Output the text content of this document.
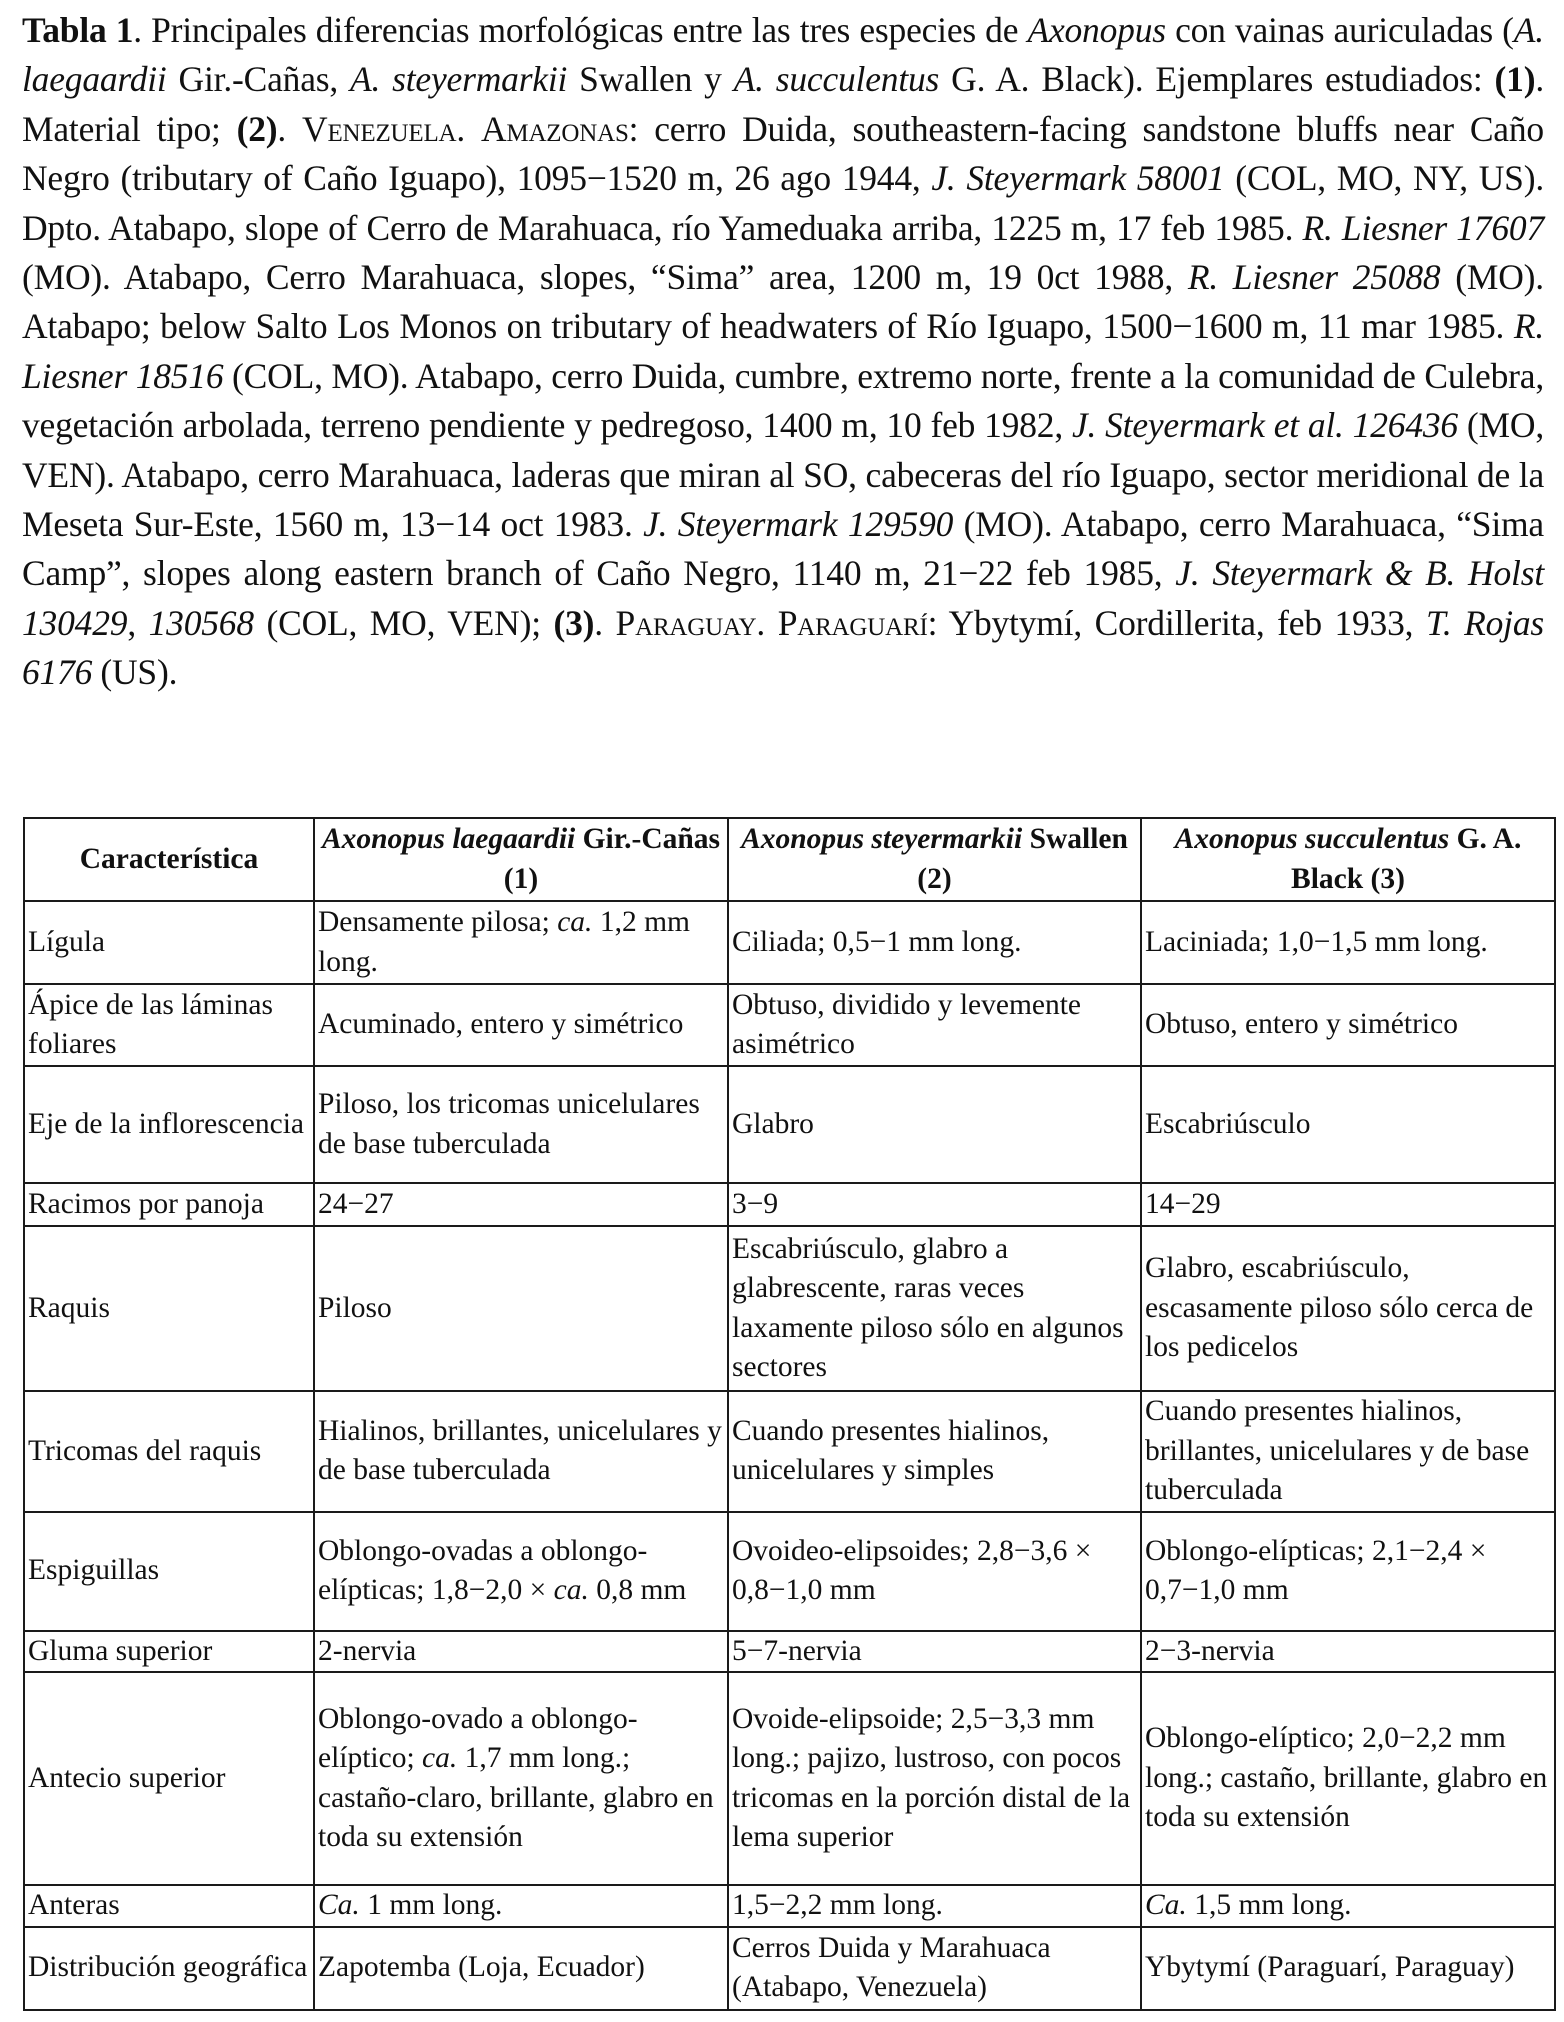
Tabla 1. Principales diferencias morfológicas entre las tres especies de Axonopus con vainas auriculadas (A. laegaardii Gir.-Cañas, A. steyermarkii Swallen y A. succulentus G. A. Black). Ejemplares estudiados: (1). Material tipo; (2). Venezuela. Amazonas: cerro Duida, southeastern-facing sandstone bluffs near Caño Negro (tributary of Caño Iguapo), 1095−1520 m, 26 ago 1944, J. Steyermark 58001 (COL, MO, NY, US). Dpto. Atabapo, slope of Cerro de Marahuaca, río Yameduaka arriba, 1225 m, 17 feb 1985. R. Liesner 17607 (MO). Atabapo, Cerro Marahuaca, slopes, “Sima” area, 1200 m, 19 0ct 1988, R. Liesner 25088 (MO). Atabapo; below Salto Los Monos on tributary of headwaters of Río Iguapo, 1500−1600 m, 11 mar 1985. R. Liesner 18516 (COL, MO). Atabapo, cerro Duida, cumbre, extremo norte, frente a la comunidad de Culebra, vegetación arbolada, terreno pendiente y pedregoso, 1400 m, 10 feb 1982, J. Steyermark et al. 126436 (MO, VEN). Atabapo, cerro Marahuaca, laderas que miran al SO, cabeceras del río Iguapo, sector meridional de la Meseta Sur-Este, 1560 m, 13−14 oct 1983. J. Steyermark 129590 (MO). Atabapo, cerro Marahuaca, “Sima Camp”, slopes along eastern branch of Caño Negro, 1140 m, 21−22 feb 1985, J. Steyermark & B. Holst 130429, 130568 (COL, MO, VEN); (3). Paraguay. Paraguarí: Ybytymí, Cordillerita, feb 1933, T. Rojas 6176 (US).
Característica	Axonopus laegaardii Gir.-Cañas (1)	Axonopus steyermarkii Swallen (2)	Axonopus succulentus G. A. Black (3)
Lígula	Densamente pilosa; ca. 1,2 mm long.	Ciliada; 0,5−1 mm long.	Laciniada; 1,0−1,5 mm long.
Ápice de las láminas foliares	Acuminado, entero y simétrico	Obtuso, dividido y levemente asimétrico	Obtuso, entero y simétrico
Eje de la inflorescencia	Piloso, los tricomas unicelulares de base tuberculada	Glabro	Escabriúsculo
Racimos por panoja	24−27	3−9	14−29
Raquis	Piloso	Escabriúsculo, glabro a glabrescente, raras veces laxamente piloso sólo en algunos sectores	Glabro, escabriúsculo, escasamente piloso sólo cerca de los pedicelos
Tricomas del raquis	Hialinos, brillantes, unicelulares y de base tuberculada	Cuando presentes hialinos, unicelulares y simples	Cuando presentes hialinos, brillantes, unicelulares y de base tuberculada
Espiguillas	Oblongo-ovadas a oblongo-elípticas; 1,8−2,0 × ca. 0,8 mm	Ovoideo-elipsoides; 2,8−3,6 × 0,8−1,0 mm	Oblongo-elípticas; 2,1−2,4 × 0,7−1,0 mm
Gluma superior	2-nervia	5−7-nervia	2−3-nervia
Antecio superior	Oblongo-ovado a oblongo-elíptico; ca. 1,7 mm long.; castaño-claro, brillante, glabro en toda su extensión	Ovoide-elipsoide; 2,5−3,3 mm long.; pajizo, lustroso, con pocos tricomas en la porción distal de la lema superior	Oblongo-elíptico; 2,0−2,2 mm long.; castaño, brillante, glabro en toda su extensión
Anteras	Ca. 1 mm long.	1,5−2,2 mm long.	Ca. 1,5 mm long.
Distribución geográfica	Zapotemba (Loja, Ecuador)	Cerros Duida y Marahuaca (Atabapo, Venezuela)	Ybytymí (Paraguarí, Paraguay)
